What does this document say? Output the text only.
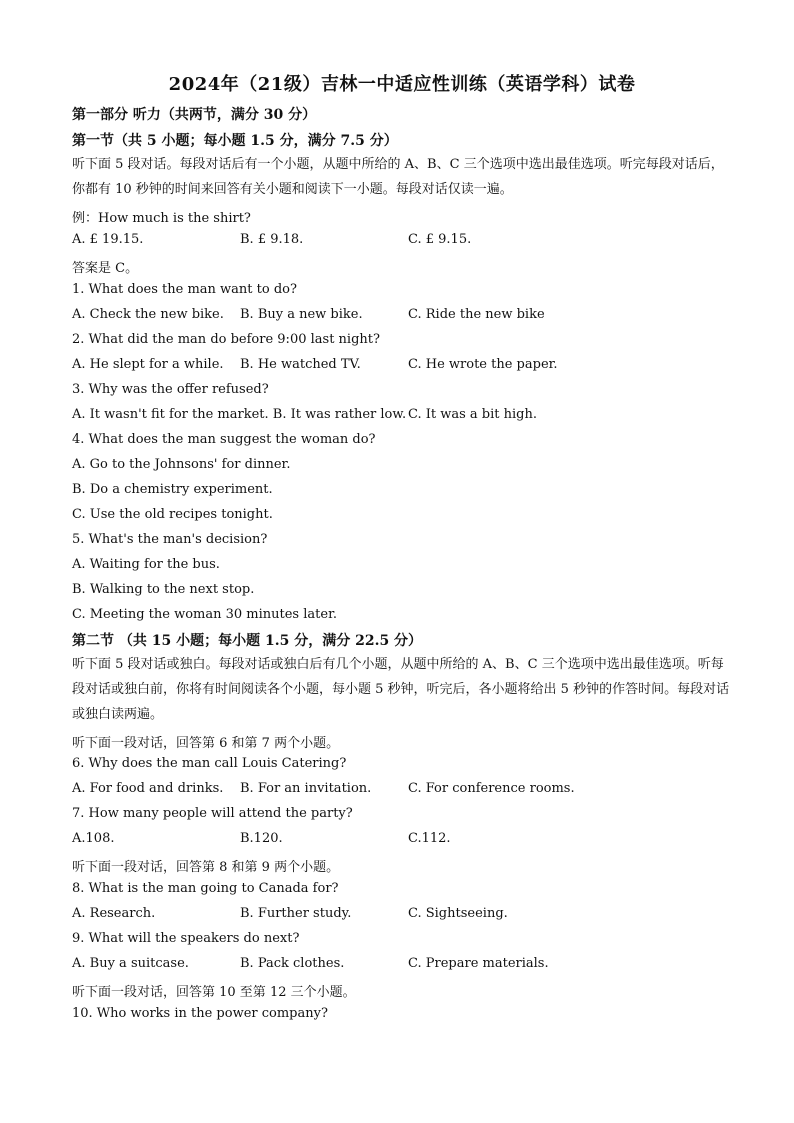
2024年（21级）吉林一中适应性训练（英语学科）试卷
第一部分 听力（共两节，满分 30 分）
第一节（共 5 小题；每小题 1.5 分，满分 7.5 分）
听下面 5 段对话。每段对话后有一个小题，从题中所给的 A、B、C 三个选项中选出最佳选项。听完每段对话后，你都有 10 秒钟的时间来回答有关小题和阅读下一小题。每段对话仅读一遍。
例：How much is the shirt?
A. £ 19.15.	B. £ 9.18.	C. £ 9.15.
答案是 C。
1. What does the man want to do?
A. Check the new bike. B. Buy a new bike.	C. Ride the new bike
2. What did the man do before 9:00 last night?
A. He slept for a while. B. He watched TV.	C. He wrote the paper.
3. Why was the offer refused?
A. It wasn't fit for the market. B. It was rather low. C. It was a bit high.
4. What does the man suggest the woman do?
A. Go to the Johnsons' for dinner.
B. Do a chemistry experiment.
C. Use the old recipes tonight.
5. What's the man's decision?
A. Waiting for the bus.
B. Walking to the next stop.
C. Meeting the woman 30 minutes later.
第二节 （共 15 小题；每小题 1.5 分，满分 22.5 分）
听下面 5 段对话或独白。每段对话或独白后有几个小题，从题中所给的 A、B、C 三个选项中选出最佳选项。听每段对话或独白前，你将有时间阅读各个小题，每小题 5 秒钟，听完后，各小题将给出 5 秒钟的作答时间。每段对话或独白读两遍。
听下面一段对话，回答第 6 和第 7 两个小题。
6. Why does the man call Louis Catering?
A. For food and drinks. B. For an invitation.	C. For conference rooms.
7. How many people will attend the party?
A.108.	B.120.	C.112.
听下面一段对话，回答第 8 和第 9 两个小题。
8. What is the man going to Canada for?
A. Research.	B. Further study.	C. Sightseeing.
9. What will the speakers do next?
A. Buy a suitcase.	B. Pack clothes.	C. Prepare materials.
听下面一段对话，回答第 10 至第 12 三个小题。
10. Who works in the power company?
